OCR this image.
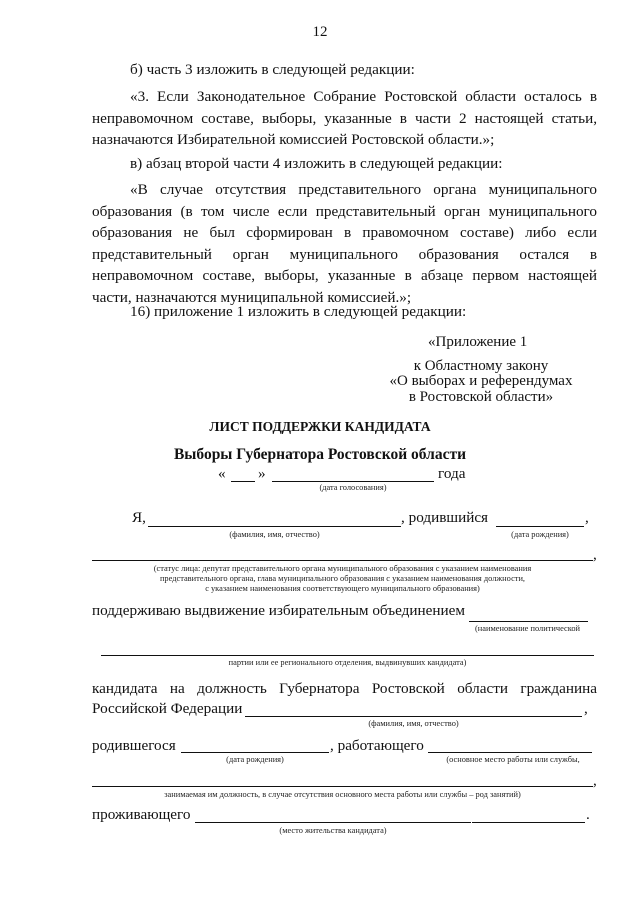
12

б) часть 3 изложить в следующей редакции:

«3. Если Законодательное Собрание Ростовской области осталось в неправомочном составе, выборы, указанные в части 2 настоящей статьи, назначаются Избирательной комиссией Ростовской области.»;

в) абзац второй части 4 изложить в следующей редакции:

«В случае отсутствия представительного органа муниципального образования (в том числе если представительный орган муниципального образования не был сформирован в правомочном составе) либо если представительный орган муниципального образования остался в неправомочном составе, выборы, указанные в абзаце первом настоящей части, назначаются муниципальной комиссией.»;

16) приложение 1 изложить в следующей редакции:

«Приложение 1
к Областному закону
«О выборах и референдумах
в Ростовской области»
ЛИСТ ПОДДЕРЖКИ КАНДИДАТА
Выборы Губернатора Ростовской области
« »	года
(дата голосования)
Я,	, родившийся	,
(фамилия, имя, отчество)	(дата рождения)
,
(статус лица: депутат представительного органа муниципального образования с указанием наименования
представительного органа, глава муниципального образования с указанием наименования должности,
с указанием наименования соответствующего муниципального образования)
поддерживаю выдвижение избирательным объединением
(наименование политической
партии или ее регионального отделения, выдвинувших кандидата)
кандидата на должность Губернатора Ростовской области гражданина
Российской Федерации	,
(фамилия, имя, отчество)
родившегося	, работающего
(дата рождения)	(основное место работы или службы,
,
занимаемая им должность, в случае отсутствия основного места работы или службы – род занятий)
проживающего	.
(место жительства кандидата)
